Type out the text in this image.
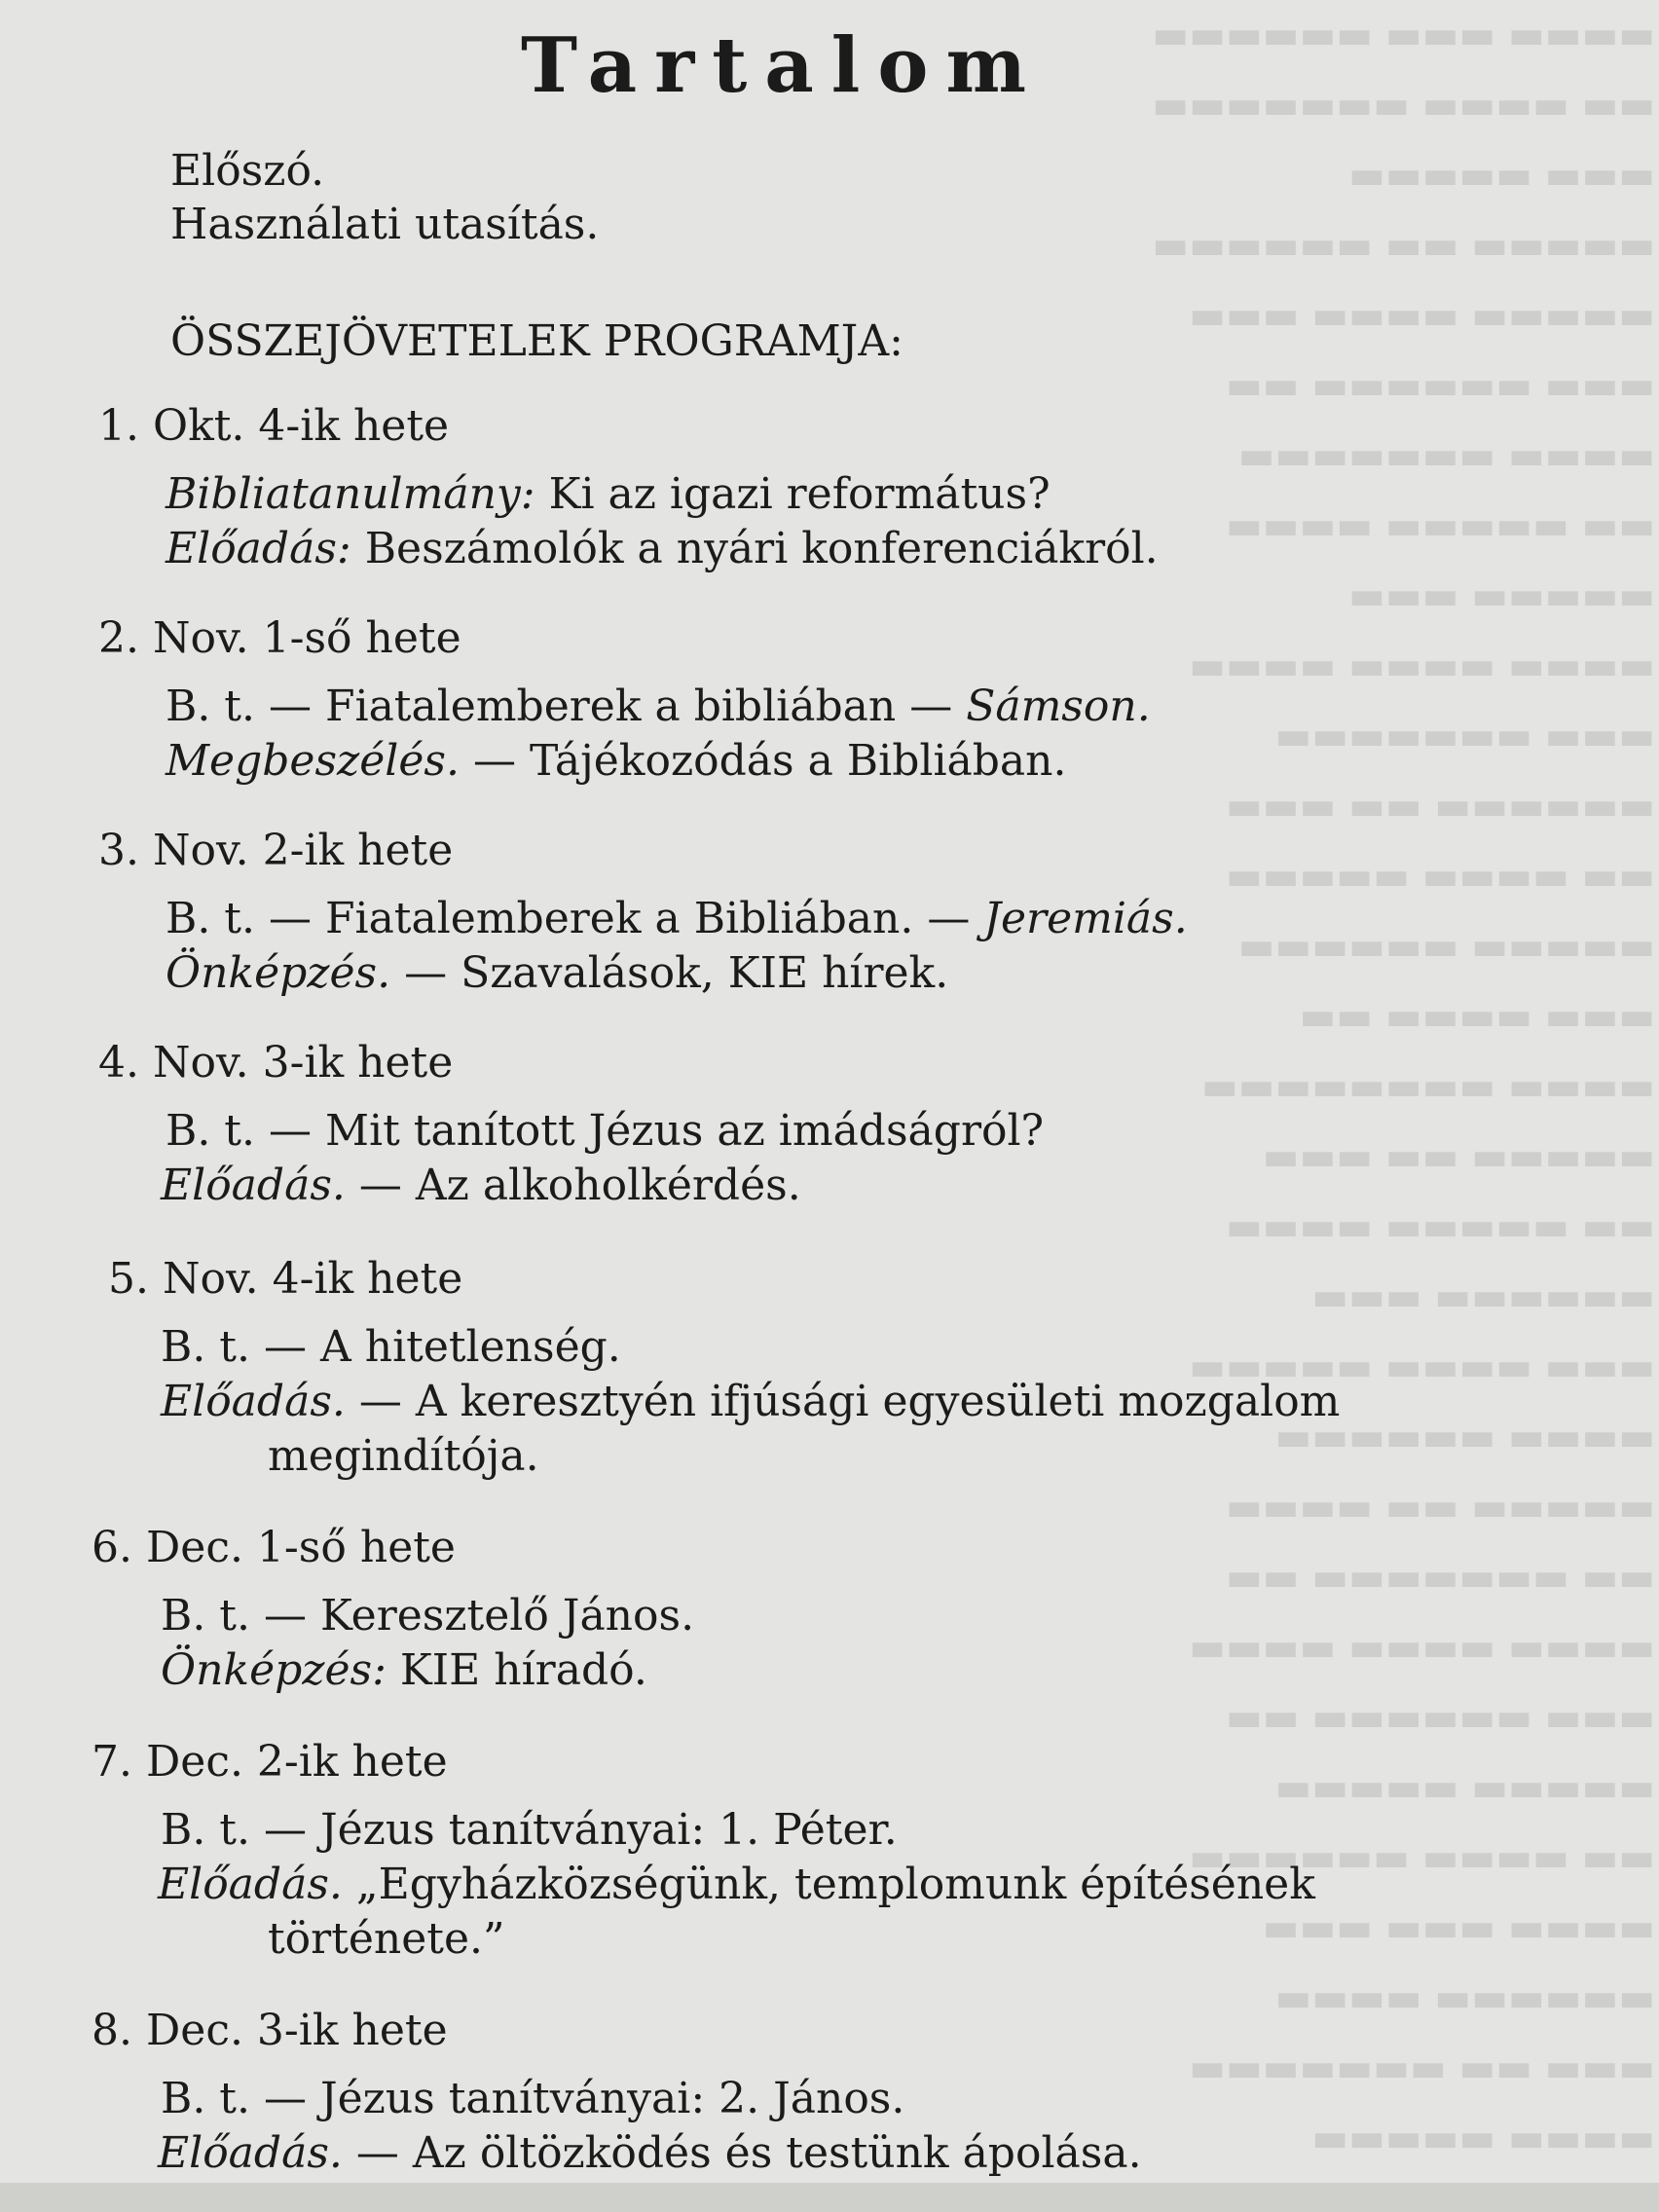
▬▬▬▬ ▬▬▬ ▬▬▬▬▬▬
▬▬ ▬▬▬▬ ▬▬▬▬▬▬▬
▬▬▬ ▬▬▬▬▬
▬▬▬▬▬ ▬▬ ▬▬▬▬▬▬
▬▬▬▬▬ ▬▬▬▬ ▬▬▬
▬▬▬ ▬▬▬▬▬▬ ▬▬
▬▬▬▬ ▬▬▬▬▬▬▬
▬▬ ▬▬▬▬▬ ▬▬▬▬
▬▬▬▬▬ ▬▬▬
▬▬▬▬ ▬▬▬▬ ▬▬▬▬
▬▬▬ ▬▬▬▬▬▬▬
▬▬▬▬▬▬ ▬▬ ▬▬▬
▬▬ ▬▬▬▬ ▬▬▬▬▬
▬▬▬▬▬ ▬▬▬▬▬▬
▬▬▬ ▬▬▬▬ ▬▬
▬▬▬▬ ▬▬▬▬▬▬▬▬
▬▬▬▬▬ ▬▬ ▬▬▬
▬▬ ▬▬▬▬▬ ▬▬▬▬
▬▬▬▬▬▬ ▬▬▬
▬▬▬ ▬▬▬▬ ▬▬▬▬▬
▬▬▬▬ ▬▬▬▬▬▬
▬▬▬▬▬ ▬▬ ▬▬▬▬
▬▬ ▬▬▬▬▬▬▬ ▬▬
▬▬▬▬ ▬▬▬▬ ▬▬▬▬
▬▬▬ ▬▬▬▬▬▬ ▬▬
▬▬▬▬▬ ▬▬▬▬▬
▬▬ ▬▬▬▬ ▬▬▬▬▬▬
▬▬▬▬ ▬▬▬ ▬▬▬
▬▬▬▬▬▬ ▬▬▬▬
▬▬▬ ▬▬ ▬▬▬▬▬▬▬
▬▬▬▬ ▬▬▬▬▬

Tartalom
Előszó.
Használati utasítás.
ÖSSZEJÖVETELEK PROGRAMJA:
1. Okt. 4-ik hete
Bibliatanulmány: Ki az igazi református?
Előadás: Beszámolók a nyári konferenciákról.
2. Nov. 1-ső hete
B. t. — Fiatalemberek a bibliában — Sámson.
Megbeszélés. — Tájékozódás a Bibliában.
3. Nov. 2-ik hete
B. t. — Fiatalemberek a Bibliában. — Jeremiás.
Önképzés. — Szavalások, KIE hírek.
4. Nov. 3-ik hete
B. t. — Mit tanított Jézus az imádságról?
Előadás. — Az alkoholkérdés.
5. Nov. 4-ik hete
B. t. — A hitetlenség.
Előadás. — A keresztyén ifjúsági egyesületi mozgalom
megindítója.
6. Dec. 1-ső hete
B. t. — Keresztelő János.
Önképzés: KIE híradó.
7. Dec. 2-ik hete
B. t. — Jézus tanítványai: 1. Péter.
Előadás. „Egyházközségünk, templomunk építésének
története.”
8. Dec. 3-ik hete
B. t. — Jézus tanítványai: 2. János.
Előadás. — Az öltözködés és testünk ápolása.
